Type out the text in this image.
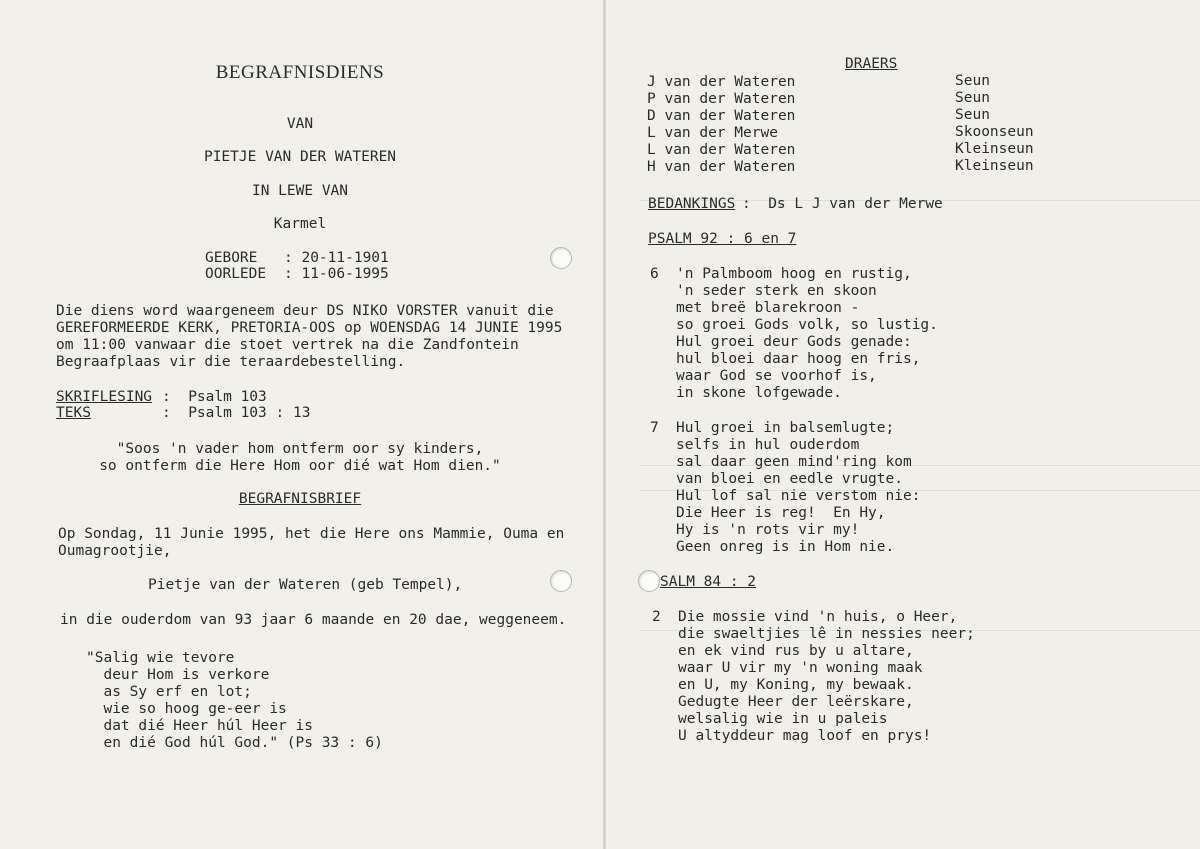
BEGRAFNISDIENS
VAN
PIETJE VAN DER WATEREN
IN LEWE VAN
Karmel
GEBORE : 20-11-1901
OORLEDE : 11-06-1995
Die diens word waargeneem deur DS NIKO VORSTER vanuit die
GEREFORMEERDE KERK, PRETORIA-OOS op WOENSDAG 14 JUNIE 1995
om 11:00 vanwaar die stoet vertrek na die Zandfontein
Begraafplaas vir die teraardebestelling.
SKRIFLESING :  Psalm 103
TEKS	:  Psalm 103 : 13
"Soos 'n vader hom ontferm oor sy kinders,
so ontferm die Here Hom oor dié wat Hom dien."
BEGRAFNISBRIEF
Op Sondag, 11 Junie 1995, het die Here ons Mammie, Ouma en
Oumagrootjie,
Pietje van der Wateren (geb Tempel),
in die ouderdom van 93 jaar 6 maande en 20 dae, weggeneem.
"Salig wie tevore
deur Hom is verkore
as Sy erf en lot;
wie so hoog ge-eer is
dat dié Heer húl Heer is
en dié God húl God." (Ps 33 : 6)
DRAERS
J van der Wateren
P van der Wateren
D van der Wateren
L van der Merwe
L van der Wateren
H van der Wateren
Seun
Seun
Seun
Skoonseun
Kleinseun
Kleinseun
BEDANKINGS :  Ds L J van der Merwe
PSALM 92 : 6 en 7
6 'n Palmboom hoog en rustig,
'n seder sterk en skoon
met breë blarekroon -
so groei Gods volk, so lustig.
Hul groei deur Gods genade:
hul bloei daar hoog en fris,
waar God se voorhof is,
in skone lofgewade.
7 Hul groei in balsemlugte;
selfs in hul ouderdom
sal daar geen mind'ring kom
van bloei en eedle vrugte.
Hul lof sal nie verstom nie:
Die Heer is reg!  En Hy,
Hy is 'n rots vir my!
Geen onreg is in Hom nie.
SALM 84 : 2
2 Die mossie vind 'n huis, o Heer,
die swaeltjies lê in nessies neer;
en ek vind rus by u altare,
waar U vir my 'n woning maak
en U, my Koning, my bewaak.
Gedugte Heer der leërskare,
welsalig wie in u paleis
U altyddeur mag loof en prys!
